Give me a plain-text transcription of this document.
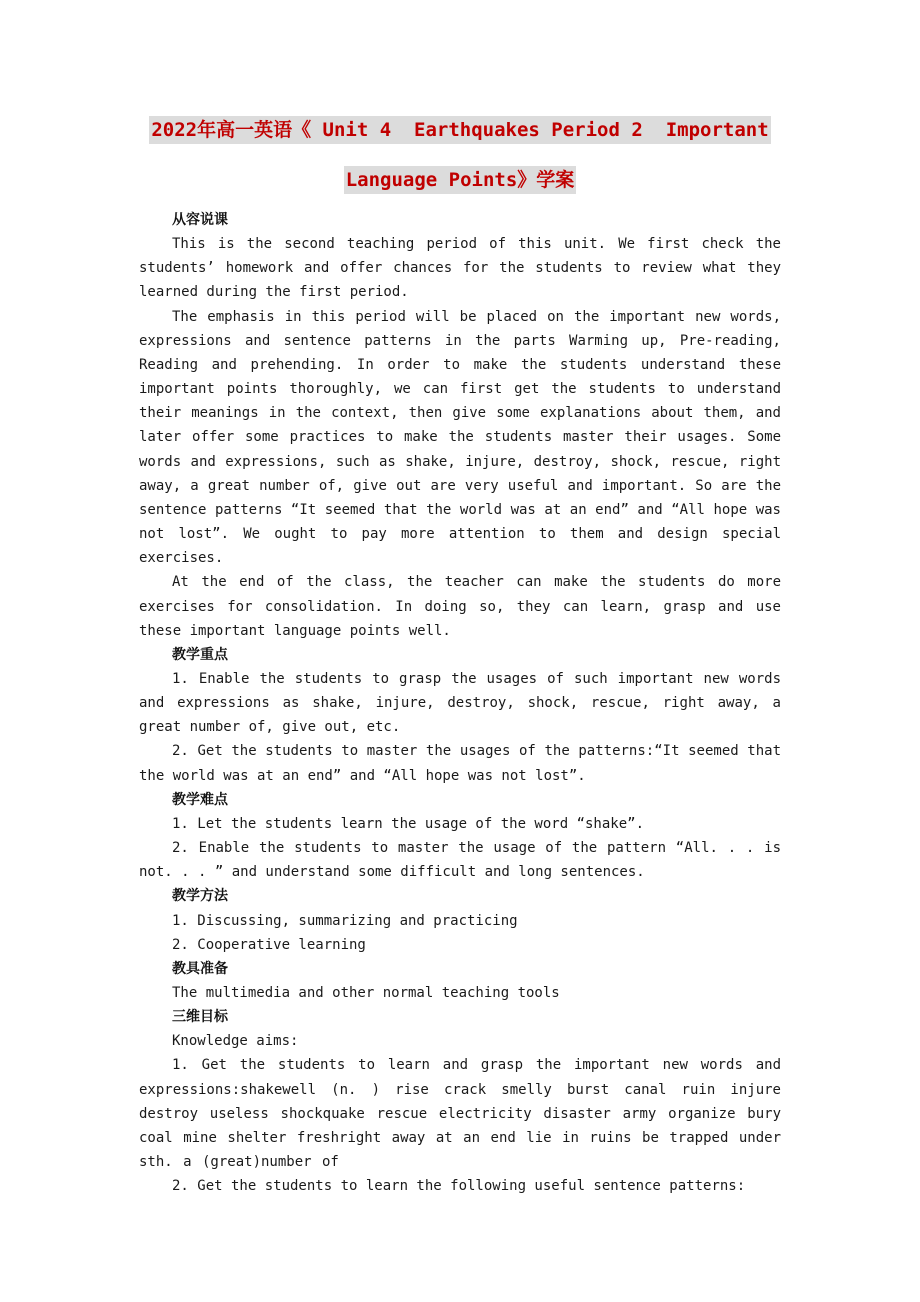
2022年高一英语《 Unit 4  Earthquakes Period 2  Important
Language Points》学案

从容说课

This is the second teaching period of this unit. We first check the students’ homework and offer chances for the students to review what they learned during the first period.

The emphasis in this period will be placed on the important new words, expressions and sentence patterns in the parts Warming up, Pre-reading, Reading and prehending. In order to make the students understand these important points thoroughly, we can first get the students to understand their meanings in the context, then give some explanations about them, and later offer some practices to make the students master their usages. Some words and expressions, such as shake, injure, destroy, shock, rescue, right away, a great number of, give out are very useful and important. So are the sentence patterns “It seemed that the world was at an end” and “All hope was not lost”. We ought to pay more attention to them and design special exercises.

At the end of the class, the teacher can make the students do more exercises for consolidation. In doing so, they can learn, grasp and use these important language points well.

教学重点

1. Enable the students to grasp the usages of such important new words and expressions as shake, injure, destroy, shock, rescue, right away, a great number of, give out, etc.

2. Get the students to master the usages of the patterns:“It seemed that the world was at an end” and “All hope was not lost”.

教学难点

1. Let the students learn the usage of the word “shake”.

2. Enable the students to master the usage of the pattern “All. . . is not. . . ” and understand some difficult and long sentences.

教学方法

1. Discussing, summarizing and practicing

2. Cooperative learning

教具准备

The multimedia and other normal teaching tools

三维目标

Knowledge aims:

1. Get the students to learn and grasp the important new words and expressions:shakewell (n. ) rise crack smelly burst canal ruin injure destroy useless shockquake rescue electricity disaster army organize bury coal mine shelter freshright away at an end lie in ruins be trapped under sth. a (great)number of

2. Get the students to learn the following useful sentence patterns:
